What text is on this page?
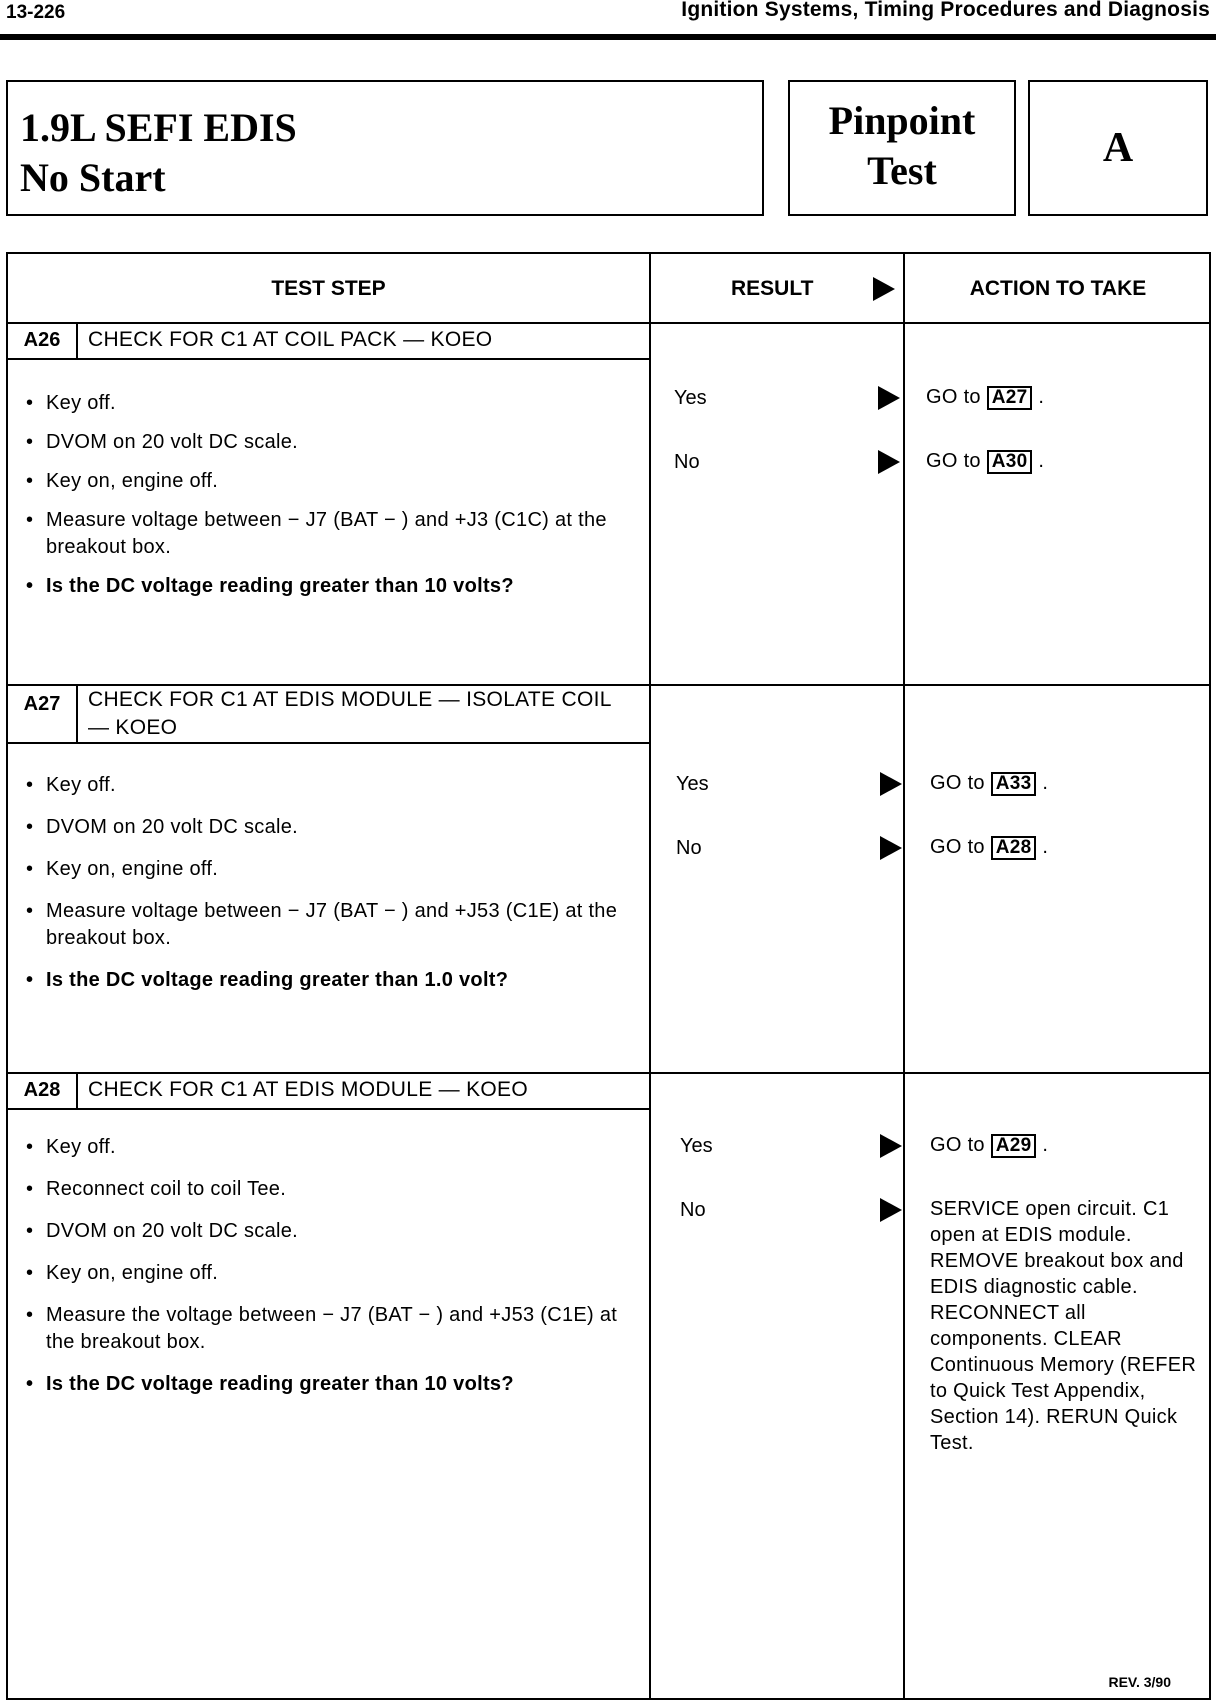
13-226	Ignition Systems, Timing Procedures and Diagnosis
1.9L SEFI EDIS
No Start
Pinpoint
Test	A
TEST STEP	RESULT	ACTION TO TAKE
A26	CHECK FOR C1 AT COIL PACK — KOEO
• Key off.
• DVOM on 20 volt DC scale.
• Key on, engine off.
• Measure voltage between − J7 (BAT − ) and +J3 (C1C) at the breakout box.
• Is the DC voltage reading greater than 10 volts?
Yes	GO to A27 .
No	GO to A30 .
A27	CHECK FOR C1 AT EDIS MODULE — ISOLATE COIL — KOEO
• Key off.
• DVOM on 20 volt DC scale.
• Key on, engine off.
• Measure voltage between − J7 (BAT − ) and +J53 (C1E) at the breakout box.
• Is the DC voltage reading greater than 1.0 volt?
Yes	GO to A33 .
No	GO to A28 .
A28	CHECK FOR C1 AT EDIS MODULE — KOEO
• Key off.
• Reconnect coil to coil Tee.
• DVOM on 20 volt DC scale.
• Key on, engine off.
• Measure the voltage between − J7 (BAT − ) and +J53 (C1E) at the breakout box.
• Is the DC voltage reading greater than 10 volts?
Yes	GO to A29 .
No	SERVICE open circuit. C1 open at EDIS module. REMOVE breakout box and EDIS diagnostic cable. RECONNECT all components. CLEAR Continuous Memory (REFER to Quick Test Appendix, Section 14). RERUN Quick Test.
REV. 3/90
